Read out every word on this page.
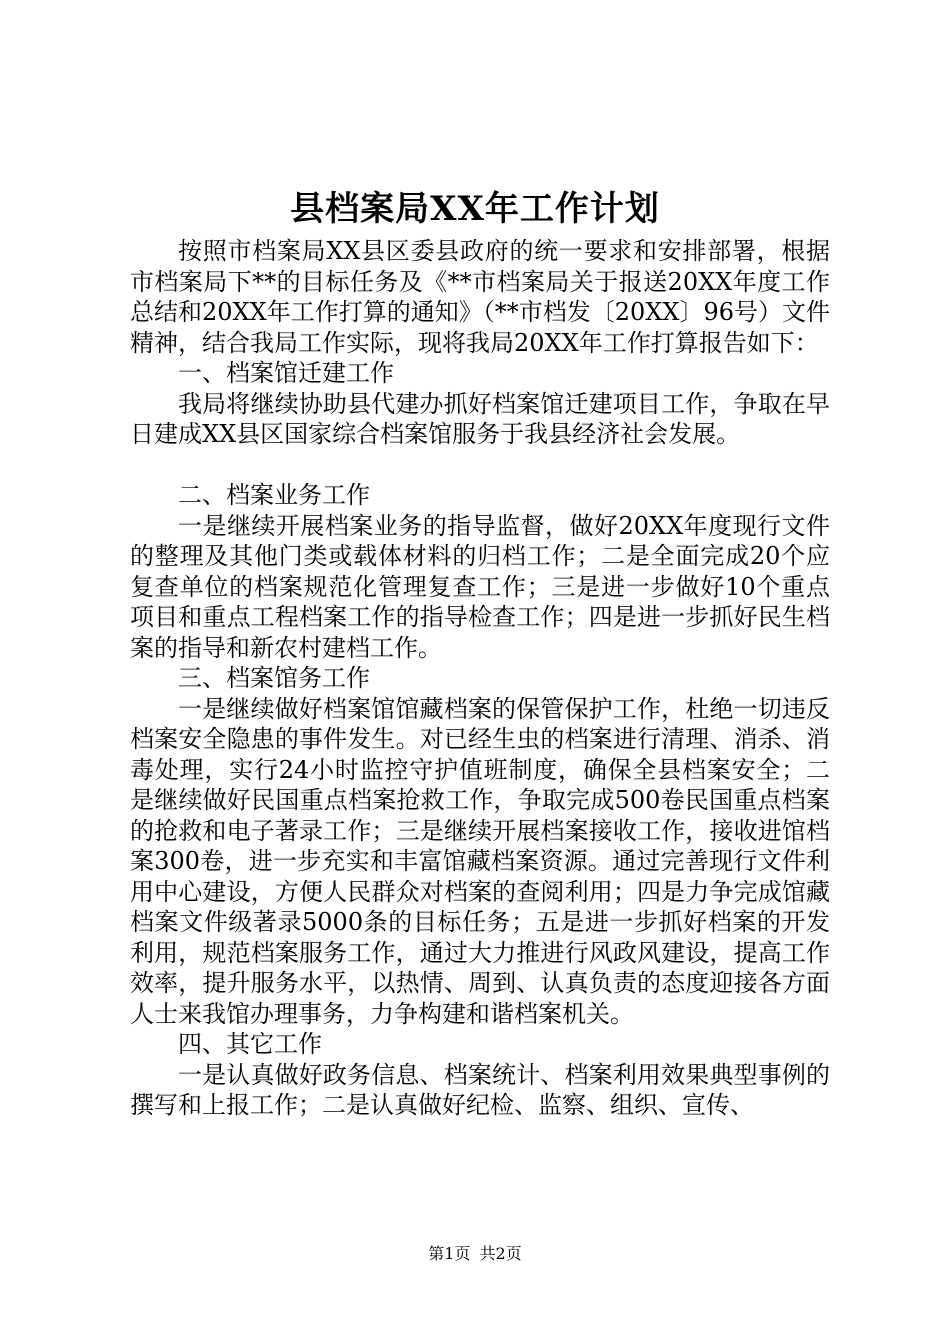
县档案局XX年工作计划

按照市档案局XX县区委县政府的统一要求和安排部署，根据市档案局下**的目标任务及《**市档案局关于报送20XX年度工作总结和20XX年工作打算的通知》（**市档发〔20XX〕96号）文件精神，结合我局工作实际，现将我局20XX年工作打算报告如下：

一、档案馆迁建工作

我局将继续协助县代建办抓好档案馆迁建项目工作，争取在早日建成XX县区国家综合档案馆服务于我县经济社会发展。

二、档案业务工作

一是继续开展档案业务的指导监督，做好20XX年度现行文件的整理及其他门类或载体材料的归档工作；二是全面完成20个应复查单位的档案规范化管理复查工作；三是进一步做好10个重点项目和重点工程档案工作的指导检查工作；四是进一步抓好民生档案的指导和新农村建档工作。

三、档案馆务工作

一是继续做好档案馆馆藏档案的保管保护工作，杜绝一切违反档案安全隐患的事件发生。对已经生虫的档案进行清理、消杀、消毒处理，实行24小时监控守护值班制度，确保全县档案安全；二是继续做好民国重点档案抢救工作，争取完成500卷民国重点档案的抢救和电子著录工作；三是继续开展档案接收工作，接收进馆档案300卷，进一步充实和丰富馆藏档案资源。通过完善现行文件利用中心建设，方便人民群众对档案的查阅利用；四是力争完成馆藏档案文件级著录5000条的目标任务；五是进一步抓好档案的开发利用，规范档案服务工作，通过大力推进行风政风建设，提高工作效率，提升服务水平，以热情、周到、认真负责的态度迎接各方面人士来我馆办理事务，力争构建和谐档案机关。

四、其它工作

一是认真做好政务信息、档案统计、档案利用效果典型事例的撰写和上报工作；二是认真做好纪检、监察、组织、宣传、

第1页 共2页
